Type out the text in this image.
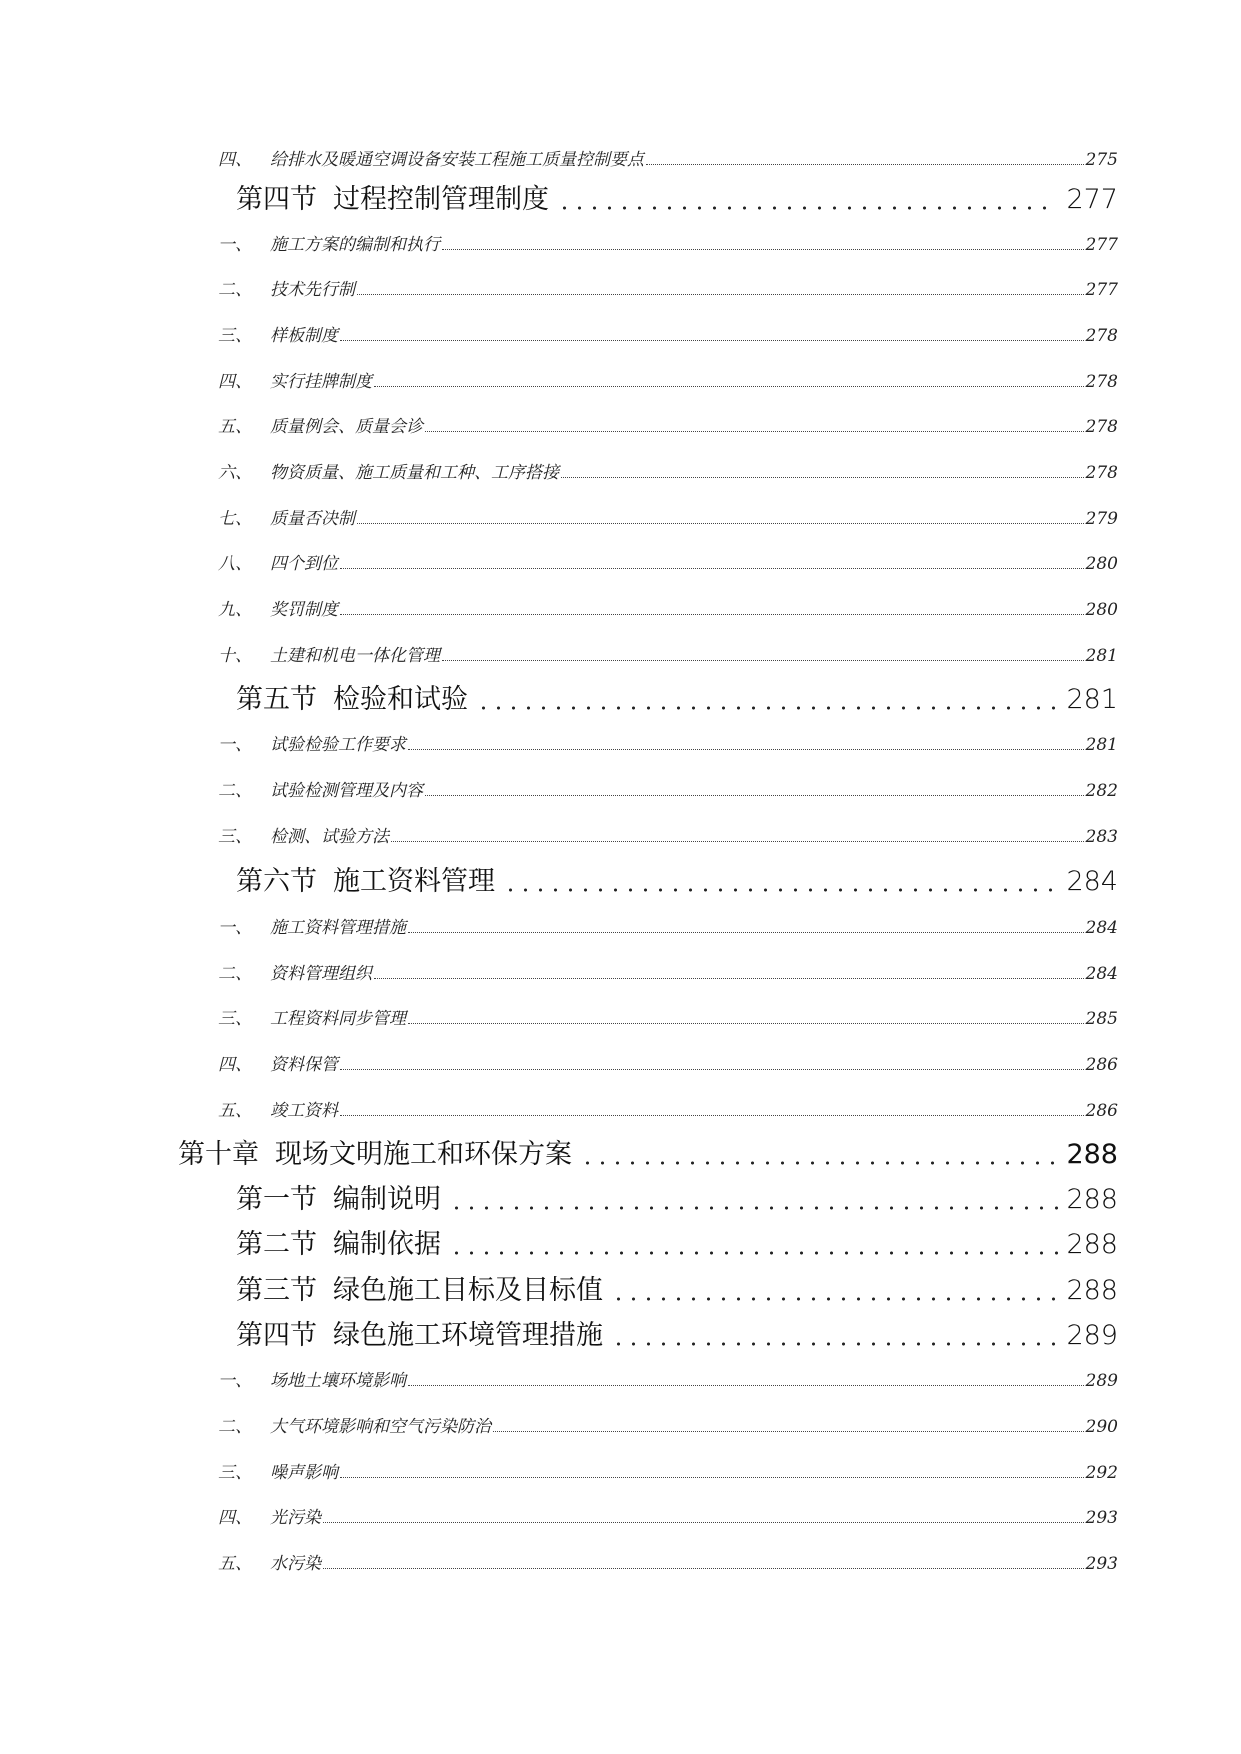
四、	给排水及暖通空调设备安装工程施工质量控制要点	275
第四节 过程控制管理制度	277
一、	施工方案的编制和执行	277
二、	技术先行制	277
三、	样板制度	278
四、	实行挂牌制度	278
五、	质量例会、质量会诊	278
六、	物资质量、施工质量和工种、工序搭接	278
七、	质量否决制	279
八、	四个到位	280
九、	奖罚制度	280
十、	土建和机电一体化管理	281
第五节 检验和试验	281
一、	试验检验工作要求	281
二、	试验检测管理及内容	282
三、	检测、试验方法	283
第六节 施工资料管理	284
一、	施工资料管理措施	284
二、	资料管理组织	284
三、	工程资料同步管理	285
四、	资料保管	286
五、	竣工资料	286
第十章 现场文明施工和环保方案	288
第一节 编制说明	288
第二节 编制依据	288
第三节 绿色施工目标及目标值	288
第四节 绿色施工环境管理措施	289
一、	场地土壤环境影响	289
二、	大气环境影响和空气污染防治	290
三、	噪声影响	292
四、	光污染	293
五、	水污染	293
